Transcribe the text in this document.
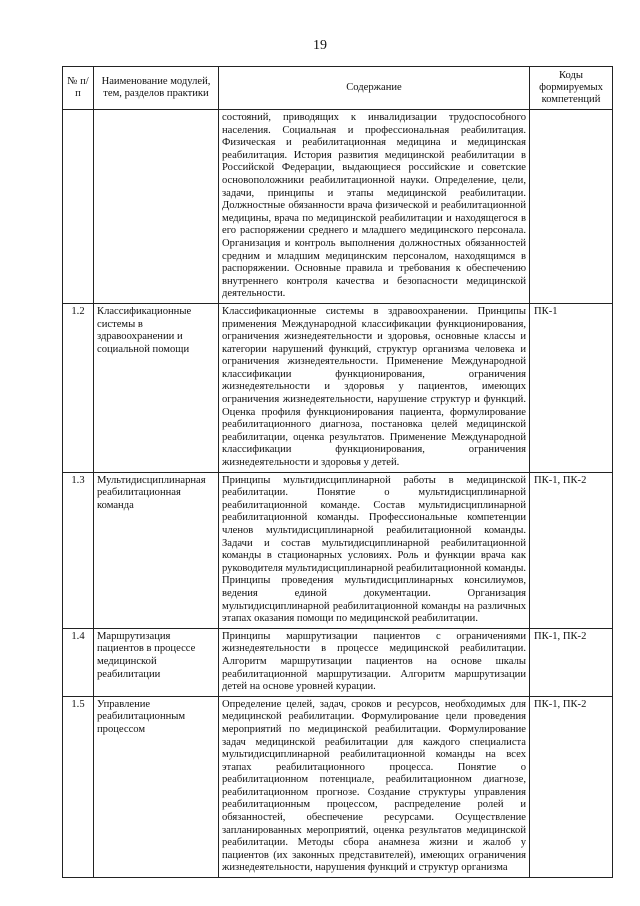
19
№ п/п	Наименование модулей, тем, разделов практики	Содержание	Коды формируемых компетенций
		состояний, приводящих к инвалидизации трудоспособного населения. Социальная и профессиональная реабилитация. Физическая и реабилитационная медицина и медицинская реабилитация. История развития медицинской реабилитации в Российской Федерации, выдающиеся российские и советские основоположники реабилитационной науки. Определение, цели, задачи, принципы и этапы медицинской реабилитации. Должностные обязанности врача физической и реабилитационной медицины, врача по медицинской реабилитации и находящегося в его распоряжении среднего и младшего медицинского персонала. Организация и контроль выполнения должностных обязанностей средним и младшим медицинским персоналом, находящимся в распоряжении. Основные правила и требования к обеспечению внутреннего контроля качества и безопасности медицинской деятельности.	
1.2	Классификационные системы в здравоохранении и социальной помощи	Классификационные системы в здравоохранении. Принципы применения Международной классификации функционирования, ограничения жизнедеятельности и здоровья, основные классы и категории нарушений функций, структур организма человека и ограничения жизнедеятельности. Применение Международной классификации функционирования, ограничения жизнедеятельности и здоровья у пациентов, имеющих ограничения жизнедеятельности, нарушение структур и функций. Оценка профиля функционирования пациента, формулирование реабилитационного диагноза, постановка целей медицинской реабилитации, оценка результатов. Применение Международной классификации функционирования, ограничения жизнедеятельности и здоровья у детей.	ПК-1
1.3	Мультидисциплинарная реабилитационная команда	Принципы мультидисциплинарной работы в медицинской реабилитации. Понятие о мультидисциплинарной реабилитационной команде. Состав мультидисциплинарной реабилитационной команды. Профессиональные компетенции членов мультидисциплинарной реабилитационной команды. Задачи и состав мультидисциплинарной реабилитационной команды в стационарных условиях. Роль и функции врача как руководителя мультидисциплинарной реабилитационной команды. Принципы проведения мультидисциплинарных консилиумов, ведения единой документации. Организация мультидисциплинарной реабилитационной команды на различных этапах оказания помощи по медицинской реабилитации.	ПК-1, ПК-2
1.4	Маршрутизация пациентов в процессе медицинской реабилитации	Принципы маршрутизации пациентов с ограничениями жизнедеятельности в процессе медицинской реабилитации. Алгоритм маршрутизации пациентов на основе шкалы реабилитационной маршрутизации. Алгоритм маршрутизации детей на основе уровней курации.	ПК-1, ПК-2
1.5	Управление реабилитационным процессом	Определение целей, задач, сроков и ресурсов, необходимых для медицинской реабилитации. Формулирование цели проведения мероприятий по медицинской реабилитации. Формулирование задач медицинской реабилитации для каждого специалиста мультидисциплинарной реабилитационной команды на всех этапах реабилитационного процесса. Понятие о реабилитационном потенциале, реабилитационном диагнозе, реабилитационном прогнозе. Создание структуры управления реабилитационным процессом, распределение ролей и обязанностей, обеспечение ресурсами. Осуществление запланированных мероприятий, оценка результатов медицинской реабилитации. Методы сбора анамнеза жизни и жалоб у пациентов (их законных представителей), имеющих ограничения жизнедеятельности, нарушения функций и структур организма	ПК-1, ПК-2
